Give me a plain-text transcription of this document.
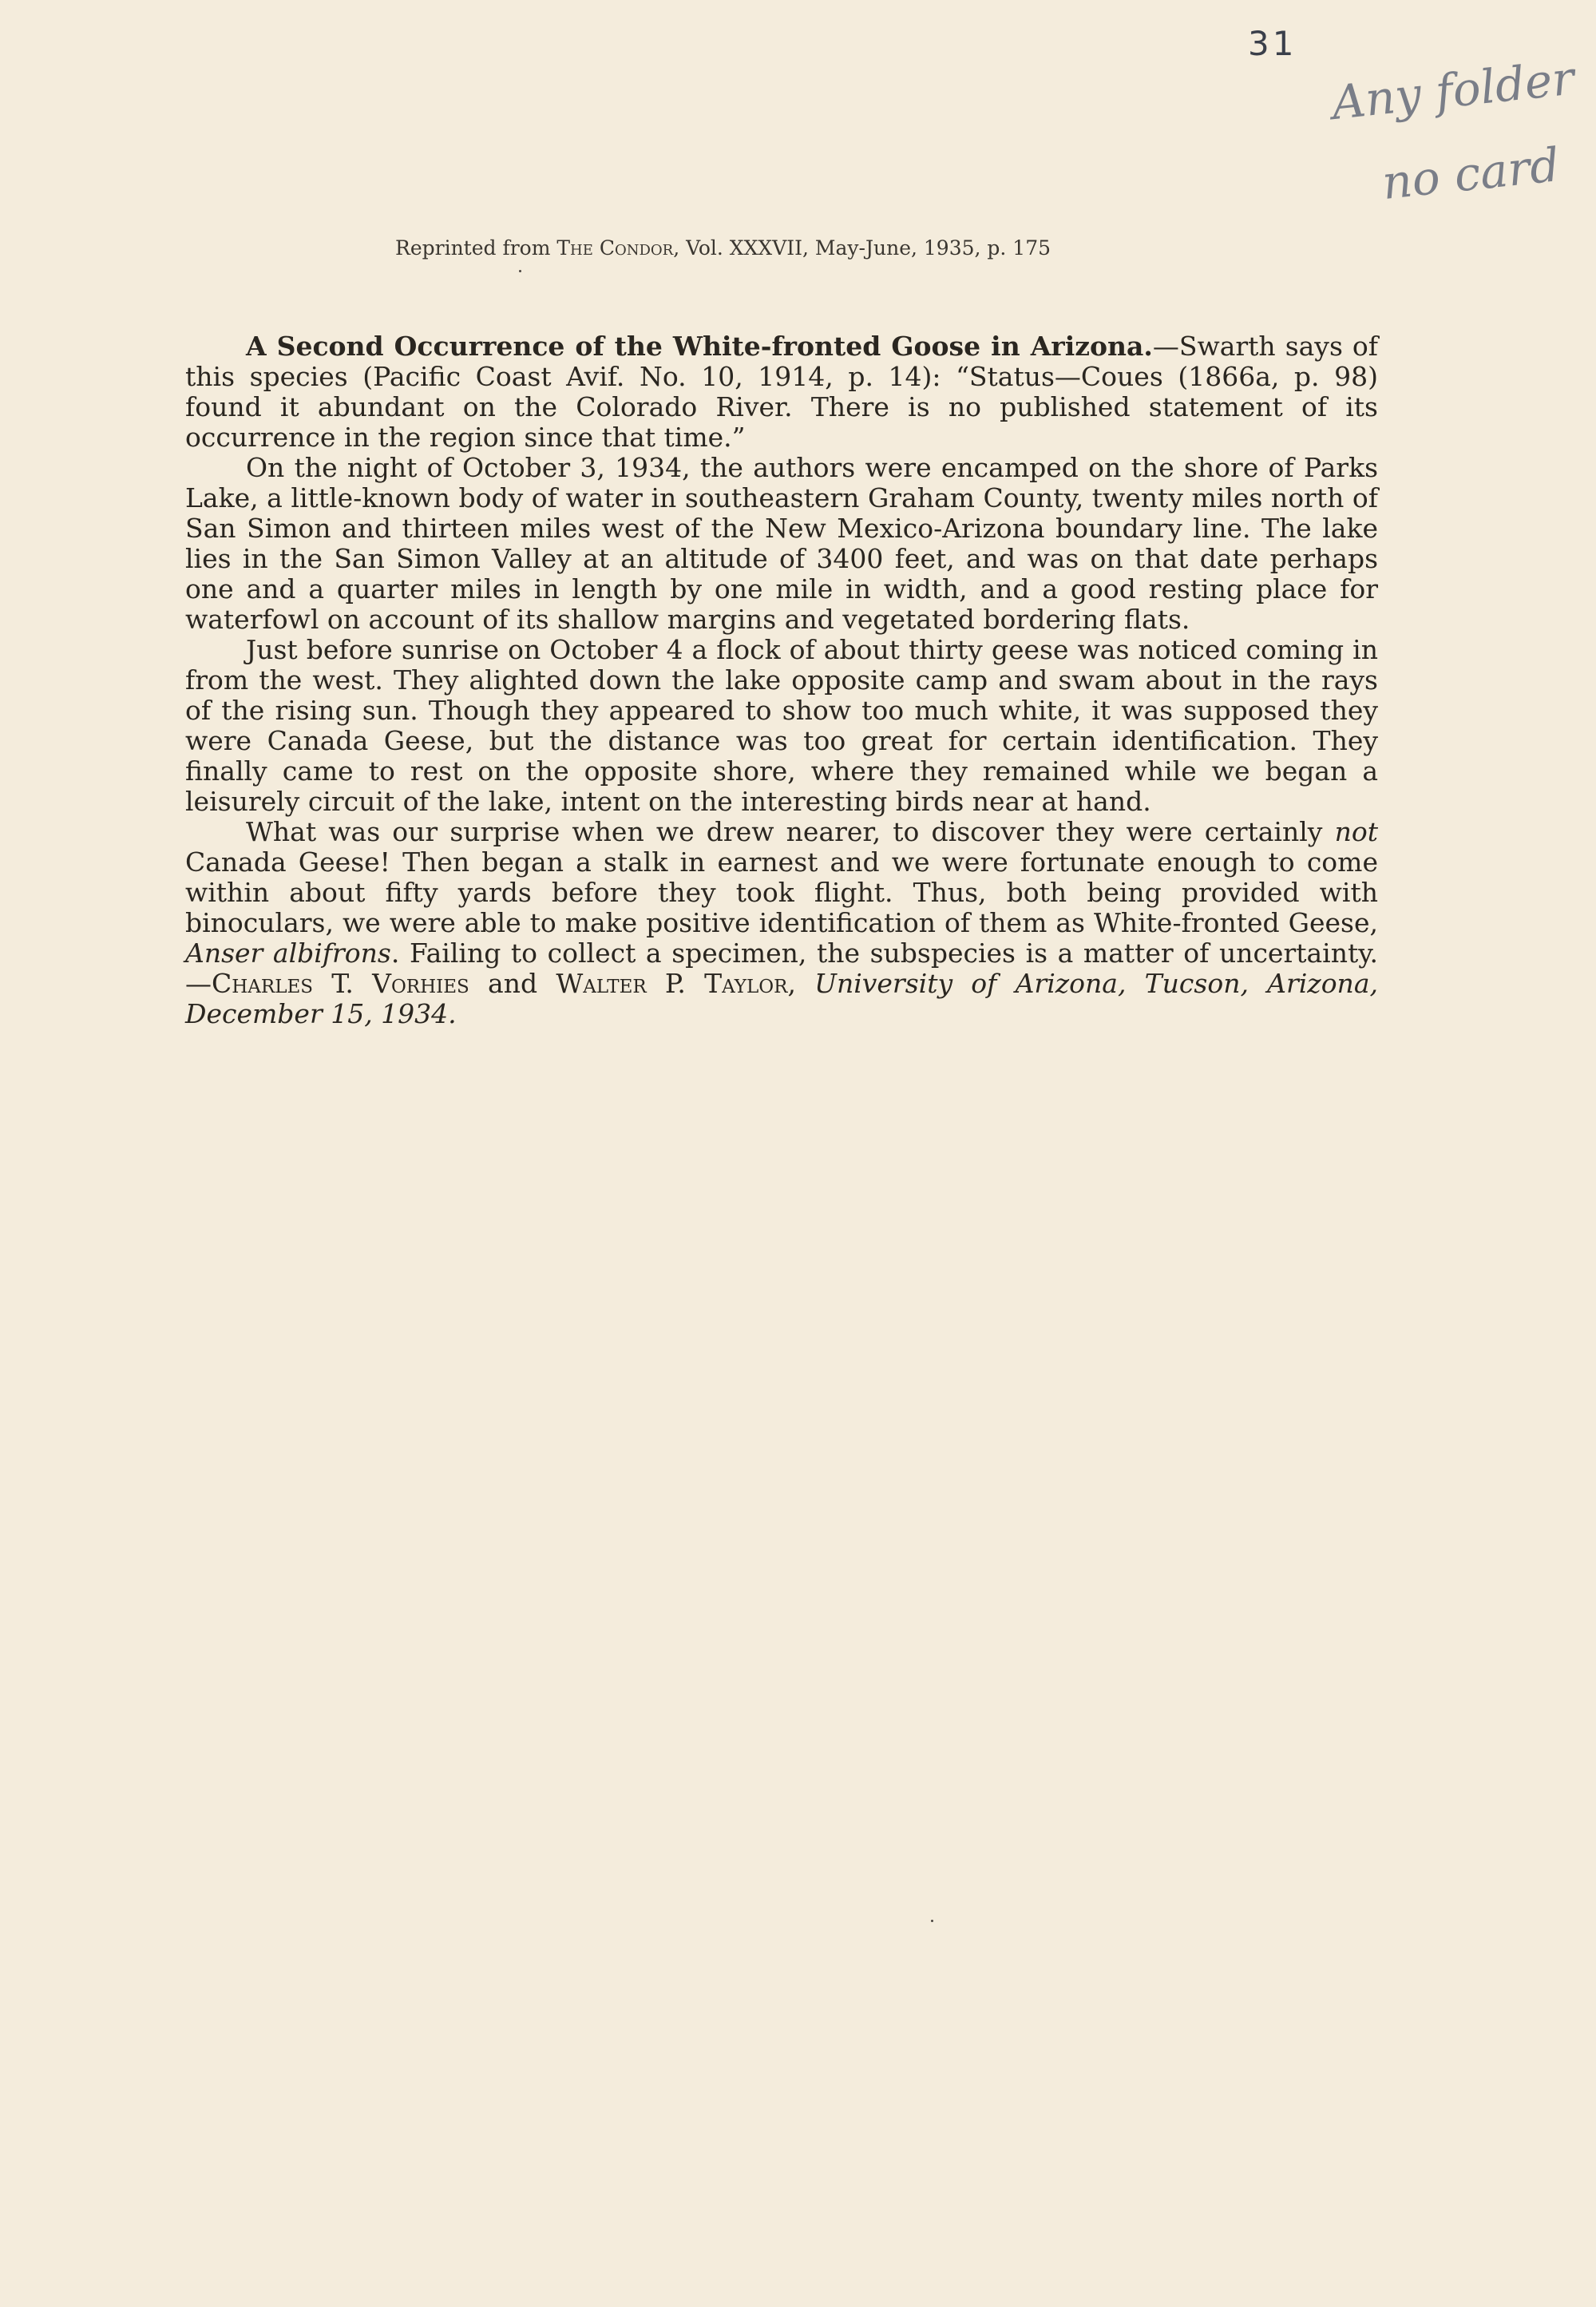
31
Any folder
no card
Reprinted from The Condor, Vol. XXXVII, May-June, 1935, p. 175

A Second Occurrence of the White-fronted Goose in Arizona.—Swarth says of this species (Pacific Coast Avif. No. 10, 1914, p. 14): “Status—Coues (1866a, p. 98) found it abundant on the Colorado River. There is no published statement of its occurrence in the region since that time.”

On the night of October 3, 1934, the authors were encamped on the shore of Parks Lake, a little-known body of water in southeastern Graham County, twenty miles north of San Simon and thirteen miles west of the New Mexico-Arizona boundary line. The lake lies in the San Simon Valley at an altitude of 3400 feet, and was on that date perhaps one and a quarter miles in length by one mile in width, and a good resting place for waterfowl on account of its shallow margins and vegetated bordering flats.

Just before sunrise on October 4 a flock of about thirty geese was noticed coming in from the west. They alighted down the lake opposite camp and swam about in the rays of the rising sun. Though they appeared to show too much white, it was supposed they were Canada Geese, but the distance was too great for certain identification. They finally came to rest on the opposite shore, where they remained while we began a leisurely circuit of the lake, intent on the interesting birds near at hand.

What was our surprise when we drew nearer, to discover they were certainly not Canada Geese! Then began a stalk in earnest and we were fortunate enough to come within about fifty yards before they took flight. Thus, both being provided with binoculars, we were able to make positive identification of them as White-fronted Geese, Anser albifrons. Failing to collect a specimen, the subspecies is a matter of uncertainty.—Charles T. Vorhies and Walter P. Taylor, University of Arizona, Tucson, Arizona, December 15, 1934.
